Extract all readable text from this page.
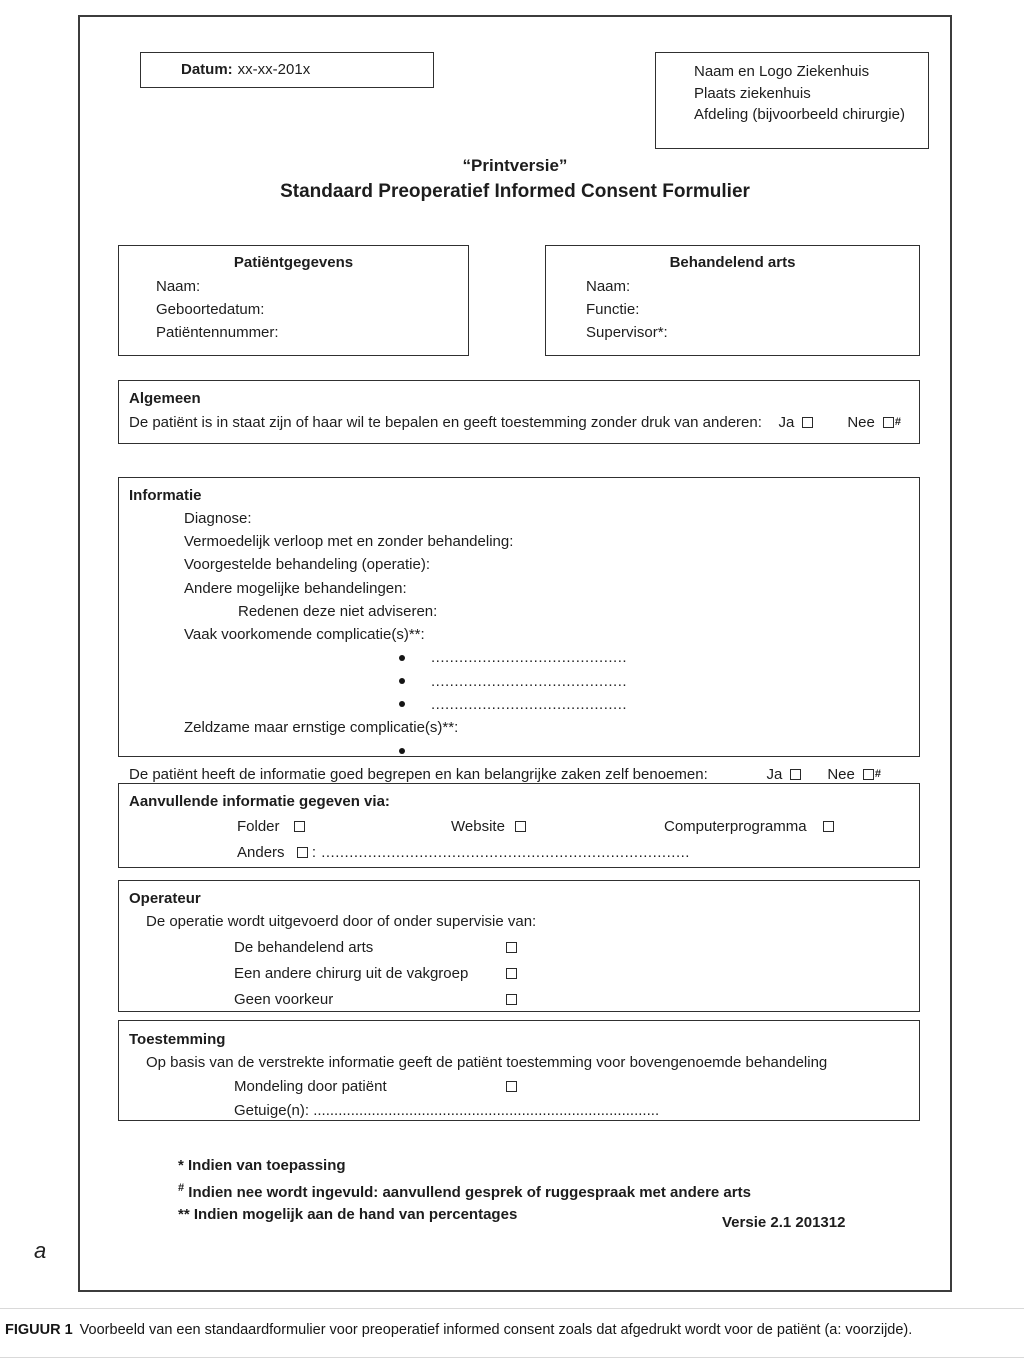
Datum: xx-xx-201x	Naam en Logo Ziekenhuis
Plaats ziekenhuis
Afdeling (bijvoorbeeld chirurgie)
“Printversie”
Standaard Preoperatief Informed Consent Formulier
Patiëntgegevens
Naam:
Geboortedatum:
Patiëntennummer:
Behandelend arts
Naam:
Functie:
Supervisor*:
Algemeen
De patiënt is in staat zijn of haar wil te bepalen en geeft toestemming zonder druk van anderen: Ja	Nee #
Informatie
Diagnose:
Vermoedelijk verloop met en zonder behandeling:
Voorgestelde behandeling (operatie):
Andere mogelijke behandelingen:
Redenen deze niet adviseren:
Vaak voorkomende complicatie(s)**:
..........................................
..........................................
..........................................
Zeldzame maar ernstige complicatie(s)**:
De patiënt heeft de informatie goed begrepen en kan belangrijke zaken zelf benoemen:	Ja	Nee #
Aanvullende informatie gegeven via:
Folder	Website	Computerprogramma
Anders : ...............................................................................
Operateur
De operatie wordt uitgevoerd door of onder supervisie van:
De behandelend arts
Een andere chirurg uit de vakgroep
Geen voorkeur
Toestemming
Op basis van de verstrekte informatie geeft de patiënt toestemming voor bovengenoemde behandeling
Mondeling door patiënt
Getuige(n): ...................................................................................
* Indien van toepassing
# Indien nee wordt ingevuld: aanvullend gesprek of ruggespraak met andere arts
** Indien mogelijk aan de hand van percentages	Versie 2.1 201312
a
FIGUUR 1 Voorbeeld van een standaardformulier voor preoperatief informed consent zoals dat afgedrukt wordt voor de patiënt (a: voorzijde).
